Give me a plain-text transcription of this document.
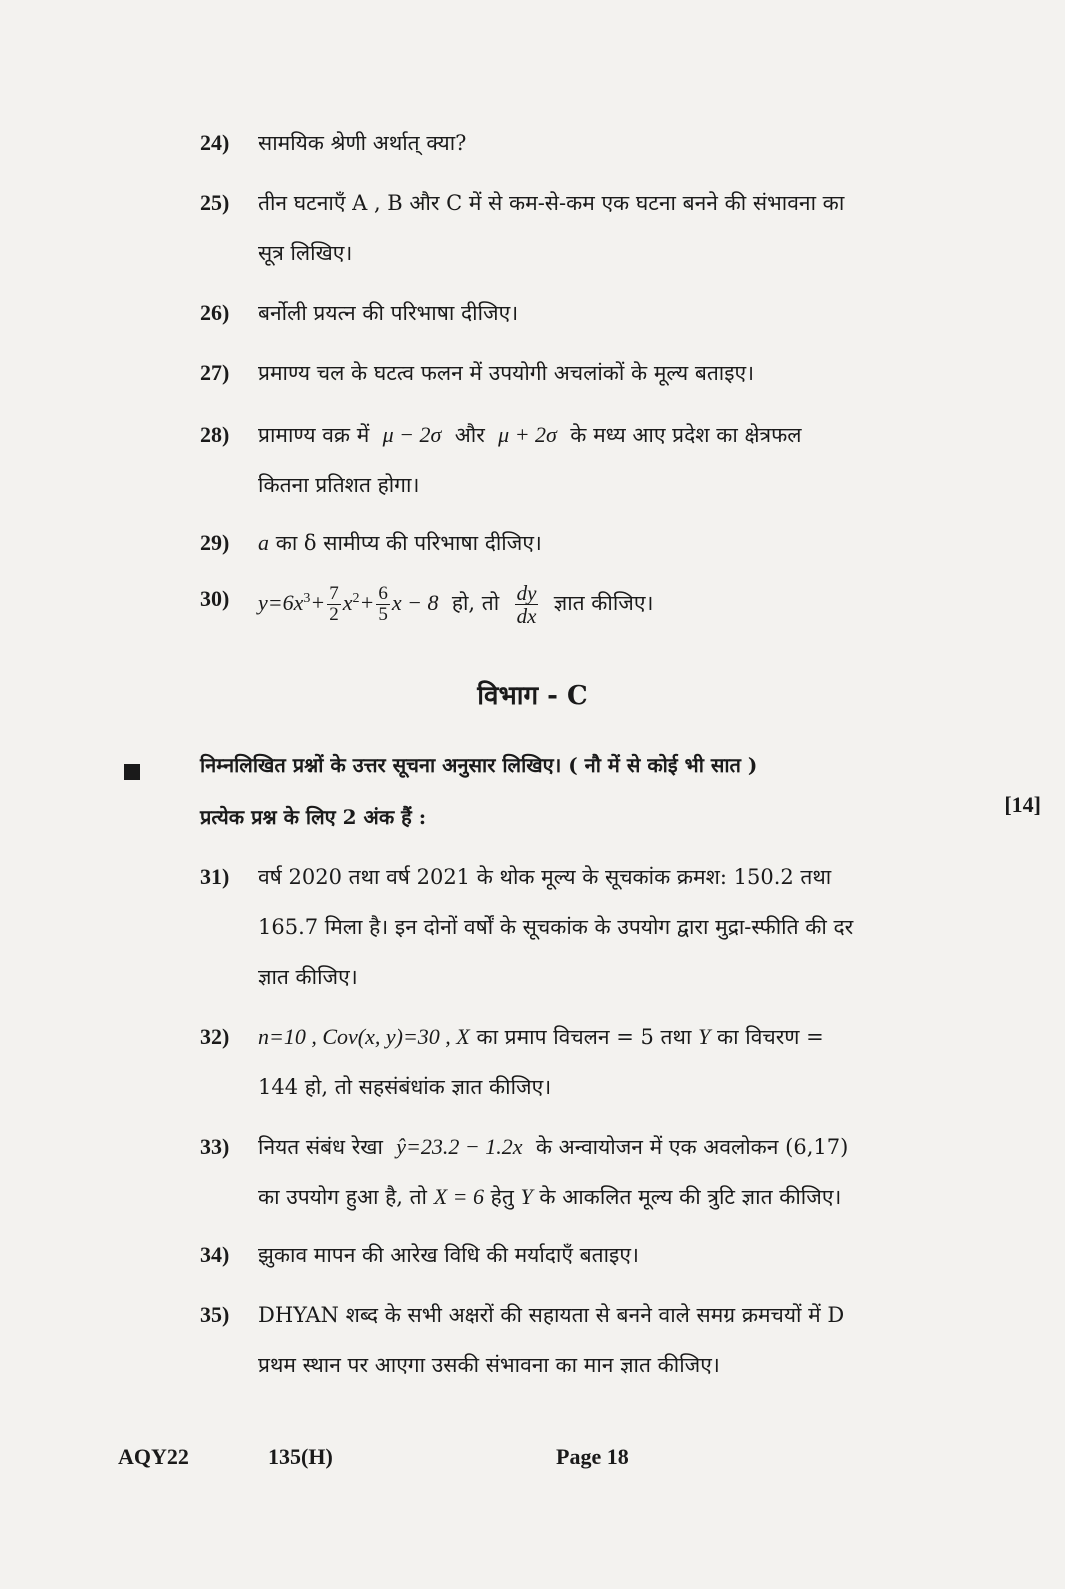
24) सामयिक श्रेणी अर्थात् क्या?
25) तीन घटनाएँ A , B और C में से कम-से-कम एक घटना बनने की संभावना का
सूत्र लिखिए।
26) बर्नोली प्रयत्न की परिभाषा दीजिए।
27) प्रमाण्य चल के घटत्व फलन में उपयोगी अचलांकों के मूल्य बताइए।
28) प्रामाण्य वक्र में μ − 2σ और μ + 2σ के मध्य आए प्रदेश का क्षेत्रफल
कितना प्रतिशत होगा।
29) a का δ सामीप्य की परिभाषा दीजिए।
30) $y=6x^3+ \frac{7}{2} x^2+ \frac{6}{5}$ x − 8 हो, तो $\frac{dy}{dx}$ ज्ञात कीजिए।
विभाग - C
निम्नलिखित प्रश्नों के उत्तर सूचना अनुसार लिखिए। ( नौ में से कोई भी सात )
प्रत्येक प्रश्न के लिए 2 अंक हैं :	[14]
31) वर्ष 2020 तथा वर्ष 2021 के थोक मूल्य के सूचकांक क्रमश: 150.2 तथा
165.7 मिला है। इन दोनों वर्षों के सूचकांक के उपयोग द्वारा मुद्रा-स्फीति की दर
ज्ञात कीजिए।
32) n=10 , Cov(x, y)=30 , X का प्रमाप विचलन = 5 तथा Y का विचरण =
144 हो, तो सहसंबंधांक ज्ञात कीजिए।
33) नियत संबंध रेखा ŷ=23.2 − 1.2x के अन्वायोजन में एक अवलोकन (6,17)
का उपयोग हुआ है, तो X = 6 हेतु Y के आकलित मूल्य की त्रुटि ज्ञात कीजिए।
34) झुकाव मापन की आरेख विधि की मर्यादाएँ बताइए।
35) DHYAN शब्द के सभी अक्षरों की सहायता से बनने वाले समग्र क्रमचयों में D
प्रथम स्थान पर आएगा उसकी संभावना का मान ज्ञात कीजिए।
AQY22	135(H)	Page 18
